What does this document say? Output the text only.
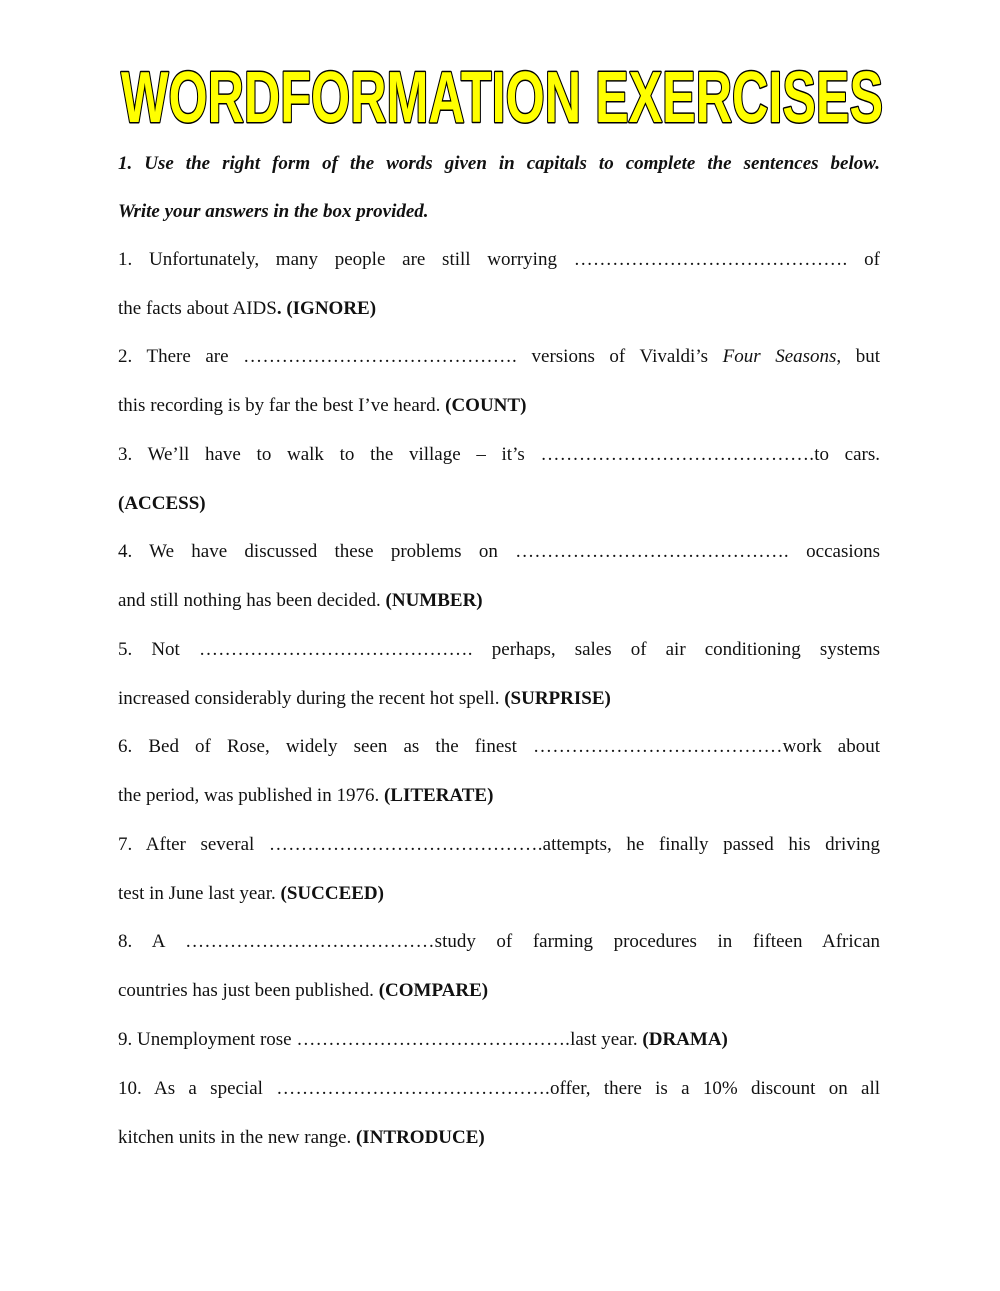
WORDFORMATION EXERCISES
1. Use the right form of the words given in capitals to complete the sentences below.
Write your answers in the box provided.
1. Unfortunately, many people are still worrying ……………………………………. of
the facts about AIDS. (IGNORE)
2. There are ……………………………………. versions of Vivaldi’s Four Seasons, but
this recording is by far the best I’ve heard. (COUNT)
3. We’ll have to walk to the village – it’s …………………………………….to cars.
(ACCESS)
4. We have discussed these problems on ……………………………………. occasions
and still nothing has been decided. (NUMBER)
5. Not ……………………………………. perhaps, sales of air conditioning systems
increased considerably during the recent hot spell. (SURPRISE)
6. Bed of Rose, widely seen as the finest …………………………………work about
the period, was published in 1976. (LITERATE)
7. After several …………………………………….attempts, he finally passed his driving
test in June last year. (SUCCEED)
8. A …………………………………study of farming procedures in fifteen African
countries has just been published. (COMPARE)
9. Unemployment rose …………………………………….last year. (DRAMA)
10. As a special …………………………………….offer, there is a 10% discount on all
kitchen units in the new range. (INTRODUCE)
